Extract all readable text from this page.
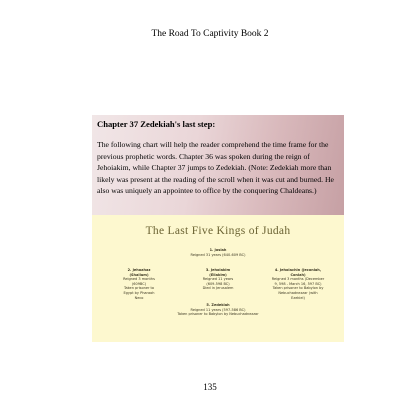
The Road To Captivity Book 2

Chapter 37 Zedekiah's last step:

The following chart will help the reader comprehend the time frame for the previous prophetic words. Chapter 36 was spoken during the reign of Jehoiakim, while Chapter 37 jumps to Zedekiah. (Note: Zedekiah more than likely was present at the reading of the scroll when it was cut and burned. He also was uniquely an appointee to office by the conquering Chaldeans.)

The Last Five Kings of Judah
1. Josiah
Reigned 31 years (640-609 BC)
2. Jehoahaz
(Shallum)
Reigned 3 months
(609BC)
Taken prisoner to
Egypt by Pharaoh
Neco
3. Jehoiakim
(Eliakim)
Reigned 11 years
(609-598 BC)
Died in Jerusalem
4. Jehoiachin (Jeconiah,
Coniah)
Reigned 3 months (December
9, 598 - March 16, 597 BC)
Taken prisoner to Babylon by
Nebuchadnezzar (with
Ezekiel)
5. Zedekiah
Reigned 11 years (597-586 BC)
Taken prisoner to Babylon by Nebuchadnezzar
135
